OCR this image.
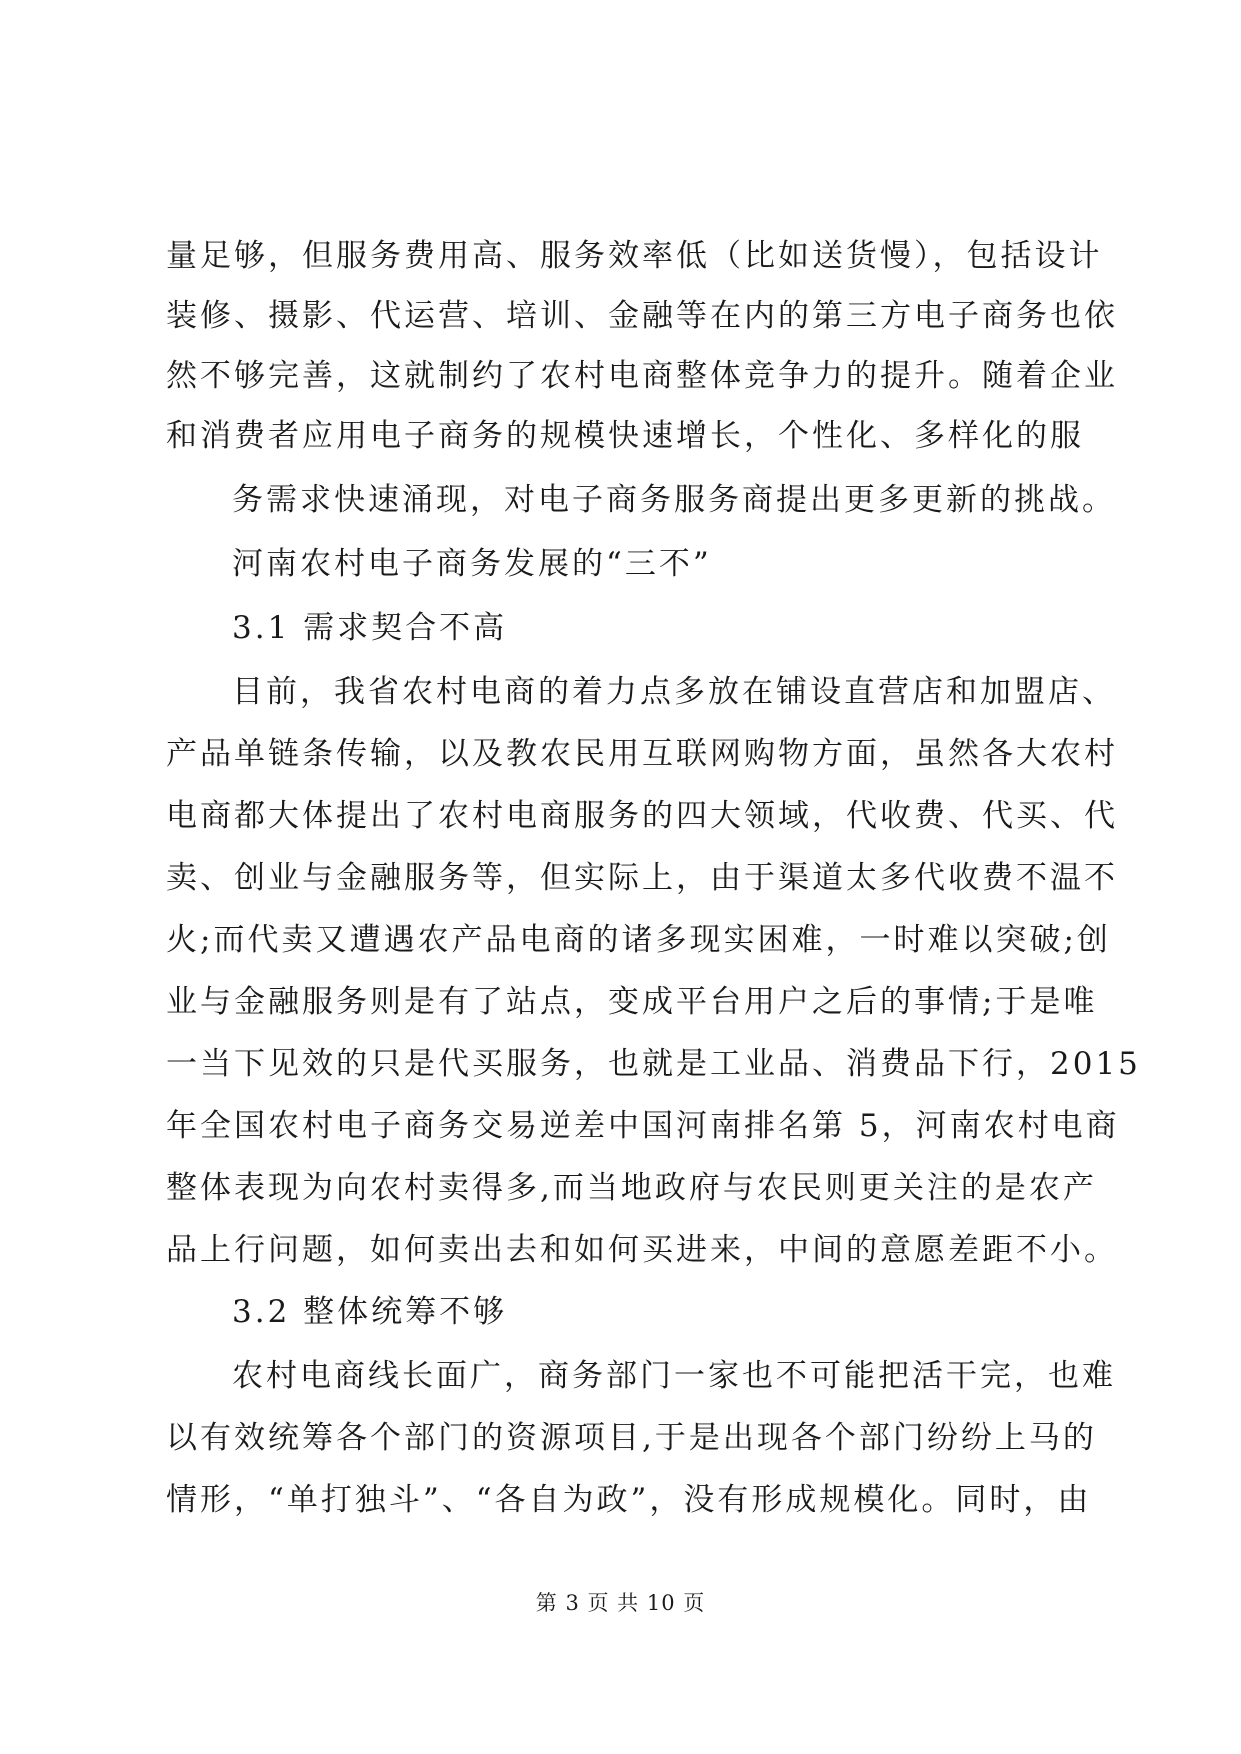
量足够，但服务费用高、服务效率低（比如送货慢），包括设计
装修、摄影、代运营、培训、金融等在内的第三方电子商务也依
然不够完善，这就制约了农村电商整体竞争力的提升。随着企业
和消费者应用电子商务的规模快速增长，个性化、多样化的服
务需求快速涌现，对电子商务服务商提出更多更新的挑战。
河南农村电子商务发展的“三不”
3.1 需求契合不高
目前，我省农村电商的着力点多放在铺设直营店和加盟店、
产品单链条传输，以及教农民用互联网购物方面，虽然各大农村
电商都大体提出了农村电商服务的四大领域，代收费、代买、代
卖、创业与金融服务等，但实际上，由于渠道太多代收费不温不
火;而代卖又遭遇农产品电商的诸多现实困难，一时难以突破;创
业与金融服务则是有了站点，变成平台用户之后的事情;于是唯
一当下见效的只是代买服务，也就是工业品、消费品下行，2015
年全国农村电子商务交易逆差中国河南排名第 5，河南农村电商
整体表现为向农村卖得多,而当地政府与农民则更关注的是农产
品上行问题，如何卖出去和如何买进来，中间的意愿差距不小。
3.2 整体统筹不够
农村电商线长面广，商务部门一家也不可能把活干完，也难
以有效统筹各个部门的资源项目,于是出现各个部门纷纷上马的
情形，“单打独斗”、“各自为政”，没有形成规模化。同时，由
第 3 页 共 10 页
